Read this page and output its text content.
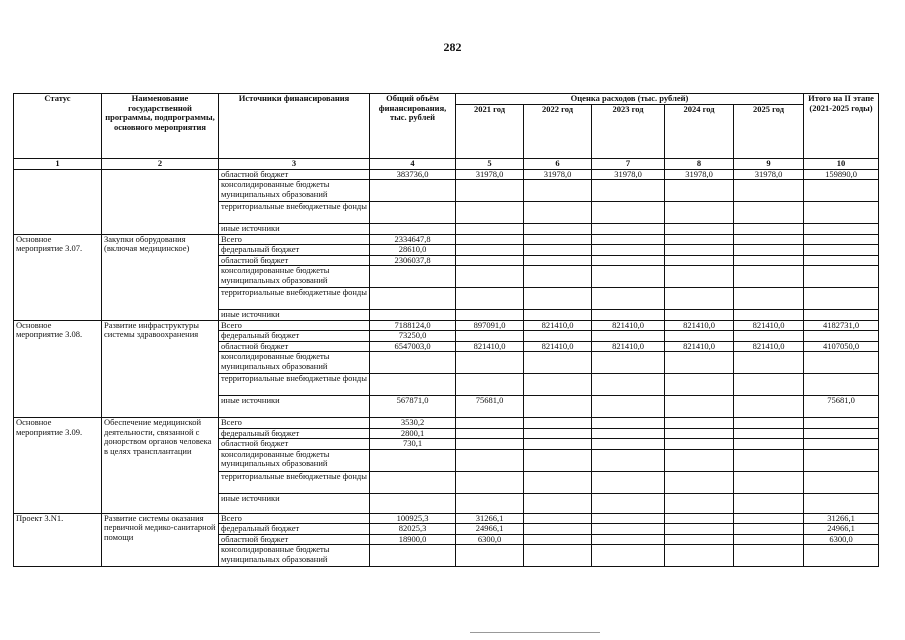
282
Статус	Наименование государственной программы, подпрограммы, основного мероприятия	Источники финансирования	Общий объём финансирования, тыс. рублей	Оценка расходов (тыс. рублей)					Итого на II этапе (2021-2025 годы)
				2021 год	2022 год	2023 год	2024 год	2025 год	
1	2	3	4	5	6	7	8	9	10
		областной бюджет	383736,0	31978,0	31978,0	31978,0	31978,0	31978,0	159890,0
		консолидированные бюджеты муниципальных образований							
		территориальные внебюджетные фонды							
		иные источники							
Основное мероприятие 3.07.	Закупки оборудования (включая медицинское)	Всего	2334647,8						
		федеральный бюджет	28610,0						
		областной бюджет	2306037,8						
		консолидированные бюджеты муниципальных образований							
		территориальные внебюджетные фонды							
		иные источники							
Основное мероприятие 3.08.	Развитие инфраструктуры системы здравоохранения	Всего	7188124,0	897091,0	821410,0	821410,0	821410,0	821410,0	4182731,0
		федеральный бюджет	73250,0						
		областной бюджет	6547003,0	821410,0	821410,0	821410,0	821410,0	821410,0	4107050,0
		консолидированные бюджеты муниципальных образований							
		территориальные внебюджетные фонды							
		иные источники	567871,0	75681,0					75681,0
Основное мероприятие 3.09.	Обеспечение медицинской деятельности, связанной с донорством органов человека в целях трансплантации	Всего	3530,2						
		федеральный бюджет	2800,1						
		областной бюджет	730,1						
		консолидированные бюджеты муниципальных образований							
		территориальные внебюджетные фонды							
		иные источники							
Проект 3.N1.	Развитие системы оказания первичной медико-санитарной помощи	Всего	100925,3	31266,1					31266,1
		федеральный бюджет	82025,3	24966,1					24966,1
		областной бюджет	18900,0	6300,0					6300,0
		консолидированные бюджеты муниципальных образований							
